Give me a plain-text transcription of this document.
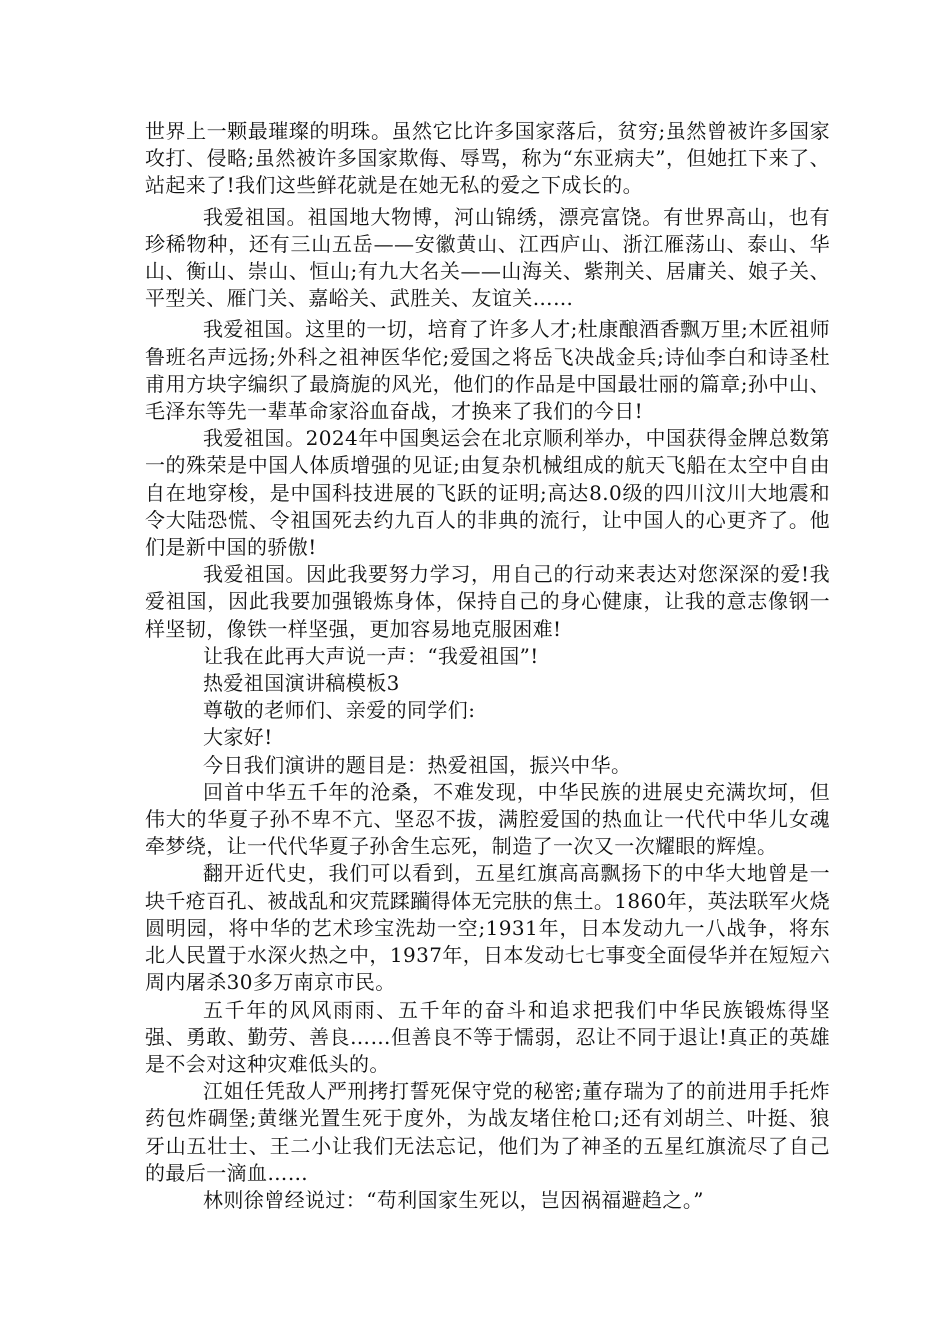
世界上一颗最璀璨的明珠。虽然它比许多国家落后，贫穷;虽然曾被许多国家攻打、侵略;虽然被许多国家欺侮、辱骂，称为“东亚病夫”，但她扛下来了、站起来了!我们这些鲜花就是在她无私的爱之下成长的。

我爱祖国。祖国地大物博，河山锦绣，漂亮富饶。有世界高山，也有珍稀物种，还有三山五岳——安徽黄山、江西庐山、浙江雁荡山、泰山、华山、衡山、崇山、恒山;有九大名关——山海关、紫荆关、居庸关、娘子关、平型关、雁门关、嘉峪关、武胜关、友谊关……

我爱祖国。这里的一切，培育了许多人才;杜康酿酒香飘万里;木匠祖师鲁班名声远扬;外科之祖神医华佗;爱国之将岳飞决战金兵;诗仙李白和诗圣杜甫用方块字编织了最旖旎的风光，他们的作品是中国最壮丽的篇章;孙中山、毛泽东等先一辈革命家浴血奋战，才换来了我们的今日!

我爱祖国。2024年中国奥运会在北京顺利举办，中国获得金牌总数第一的殊荣是中国人体质增强的见证;由复杂机械组成的航天飞船在太空中自由自在地穿梭，是中国科技进展的飞跃的证明;高达8.0级的四川汶川大地震和令大陆恐慌、令祖国死去约九百人的非典的流行，让中国人的心更齐了。他们是新中国的骄傲!

我爱祖国。因此我要努力学习，用自己的行动来表达对您深深的爱!我爱祖国，因此我要加强锻炼身体，保持自己的身心健康，让我的意志像钢一样坚韧，像铁一样坚强，更加容易地克服困难!

让我在此再大声说一声：“我爱祖国”!

热爱祖国演讲稿模板3

尊敬的老师们、亲爱的同学们:

大家好!

今日我们演讲的题目是：热爱祖国，振兴中华。

回首中华五千年的沧桑，不难发现，中华民族的进展史充满坎坷，但伟大的华夏子孙不卑不亢、坚忍不拔，满腔爱国的热血让一代代中华儿女魂牵梦绕，让一代代华夏子孙舍生忘死，制造了一次又一次耀眼的辉煌。

翻开近代史，我们可以看到，五星红旗高高飘扬下的中华大地曾是一块千疮百孔、被战乱和灾荒蹂躏得体无完肤的焦土。1860年，英法联军火烧圆明园，将中华的艺术珍宝洗劫一空;1931年，日本发动九一八战争，将东北人民置于水深火热之中，1937年，日本发动七七事变全面侵华并在短短六周内屠杀30多万南京市民。

五千年的风风雨雨、五千年的奋斗和追求把我们中华民族锻炼得坚强、勇敢、勤劳、善良……但善良不等于懦弱，忍让不同于退让!真正的英雄是不会对这种灾难低头的。

江姐任凭敌人严刑拷打誓死保守党的秘密;董存瑞为了的前进用手托炸药包炸碉堡;黄继光置生死于度外，为战友堵住枪口;还有刘胡兰、叶挺、狼牙山五壮士、王二小让我们无法忘记，他们为了神圣的五星红旗流尽了自己的最后一滴血……

林则徐曾经说过：“苟利国家生死以，岂因祸福避趋之。”
